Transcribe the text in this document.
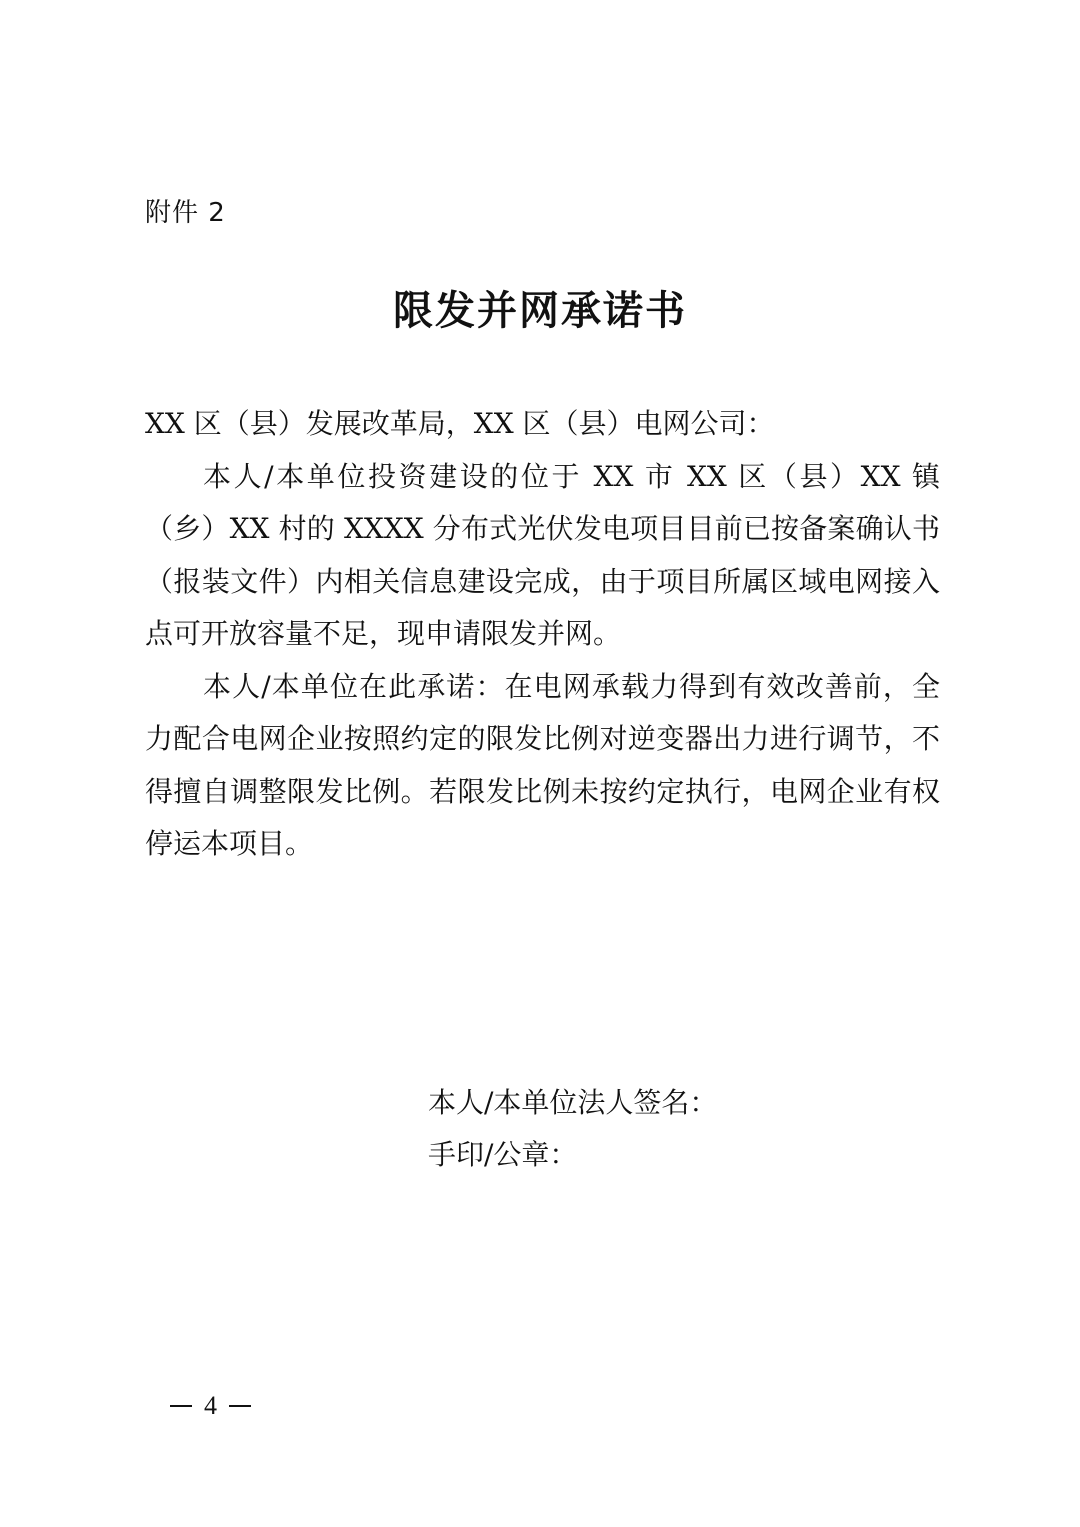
附件 2
限发并网承诺书

XX 区（县）发展改革局，XX 区（县）电网公司：

本人/本单位投资建设的位于 XX 市 XX 区（县）XX 镇（乡）XX 村的 XXXX 分布式光伏发电项目目前已按备案确认书（报装文件）内相关信息建设完成，由于项目所属区域电网接入点可开放容量不足，现申请限发并网。

本人/本单位在此承诺：在电网承载力得到有效改善前，全力配合电网企业按照约定的限发比例对逆变器出力进行调节，不得擅自调整限发比例。若限发比例未按约定执行，电网企业有权停运本项目。

本人/本单位法人签名：
手印/公章：
4
